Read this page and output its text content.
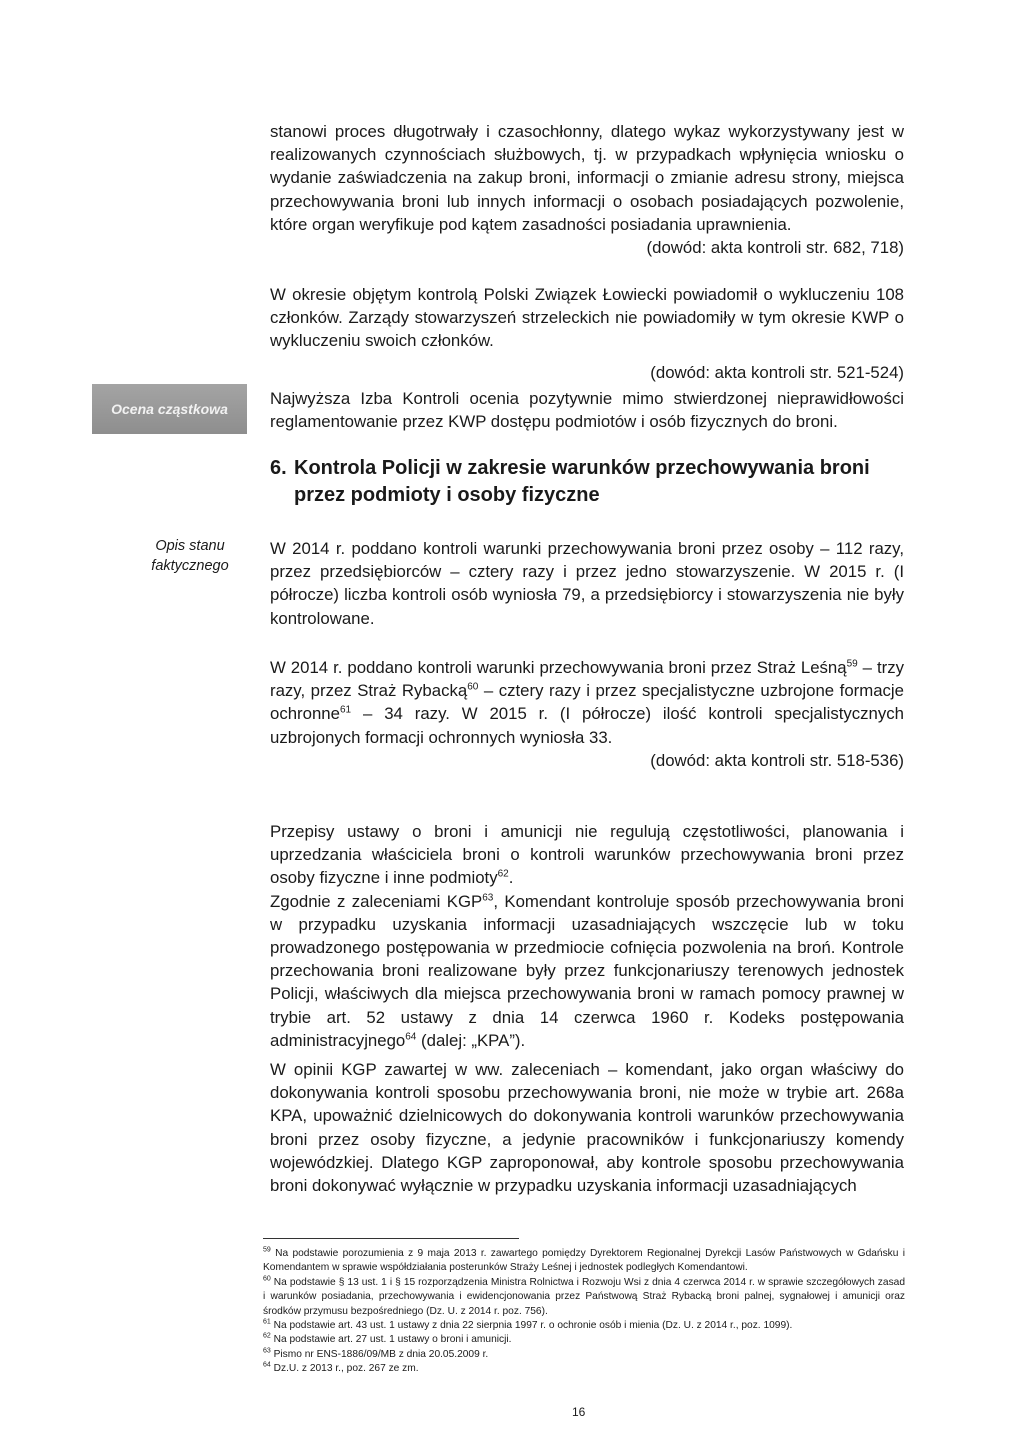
stanowi proces długotrwały i czasochłonny, dlatego wykaz wykorzystywany jest w realizowanych czynnościach służbowych, tj. w przypadkach wpłynięcia wniosku o wydanie zaświadczenia na zakup broni, informacji o zmianie adresu strony, miejsca przechowywania broni lub innych informacji o osobach posiadających pozwolenie, które organ weryfikuje pod kątem zasadności posiadania uprawnienia.

(dowód: akta kontroli str. 682, 718)

W okresie objętym kontrolą Polski Związek Łowiecki powiadomił o wykluczeniu 108 członków. Zarządy stowarzyszeń strzeleckich nie powiadomiły w tym okresie KWP o wykluczeniu swoich członków.

(dowód: akta kontroli str. 521-524)

Ocena cząstkowa

Najwyższa Izba Kontroli ocenia pozytywnie mimo stwierdzonej nieprawidłowości reglamentowanie przez KWP dostępu podmiotów i osób fizycznych do broni.

6. Kontrola Policji w zakresie warunków przechowywania broni
przez podmioty i osoby fizyczne
Opis stanu
faktycznego

W 2014 r. poddano kontroli warunki przechowywania broni przez osoby – 112 razy, przez przedsiębiorców – cztery razy i przez jedno stowarzyszenie. W 2015 r. (I półrocze) liczba kontroli osób wyniosła 79, a przedsiębiorcy i stowarzyszenia nie były kontrolowane.

W 2014 r. poddano kontroli warunki przechowywania broni przez Straż Leśną$^{59}$ – trzy razy, przez Straż Rybacką$^{60}$ – cztery razy i przez specjalistyczne uzbrojone formacje ochronne$^{61}$ – 34 razy. W 2015 r. (I półrocze) ilość kontroli specjalistycznych uzbrojonych formacji ochronnych wyniosła 33.

(dowód: akta kontroli str. 518-536)

Przepisy ustawy o broni i amunicji nie regulują częstotliwości, planowania i uprzedzania właściciela broni o kontroli warunków przechowywania broni przez osoby fizyczne i inne podmioty$^{62}$.

Zgodnie z zaleceniami KGP$^{63}$, Komendant kontroluje sposób przechowywania broni w przypadku uzyskania informacji uzasadniających wszczęcie lub w toku prowadzonego postępowania w przedmiocie cofnięcia pozwolenia na broń. Kontrole przechowania broni realizowane były przez funkcjonariuszy terenowych jednostek Policji, właściwych dla miejsca przechowywania broni w ramach pomocy prawnej w trybie art. 52 ustawy z dnia 14 czerwca 1960 r. Kodeks postępowania administracyjnego$^{64}$ (dalej: „KPA”).

W opinii KGP zawartej w ww. zaleceniach – komendant, jako organ właściwy do dokonywania kontroli sposobu przechowywania broni, nie może w trybie art. 268a KPA, upoważnić dzielnicowych do dokonywania kontroli warunków przechowywania broni przez osoby fizyczne, a jedynie pracowników i funkcjonariuszy komendy wojewódzkiej. Dlatego KGP zaproponował, aby kontrole sposobu przechowywania broni dokonywać wyłącznie w przypadku uzyskania informacji uzasadniających

$^{59}$ Na podstawie porozumienia z 9 maja 2013 r. zawartego pomiędzy Dyrektorem Regionalnej Dyrekcji Lasów Państwowych w Gdańsku i Komendantem w sprawie współdziałania posterunków Straży Leśnej i jednostek podległych Komendantowi.

$^{60}$ Na podstawie § 13 ust. 1 i § 15 rozporządzenia Ministra Rolnictwa i Rozwoju Wsi z dnia 4 czerwca 2014 r. w sprawie szczegółowych zasad i warunków posiadania, przechowywania i ewidencjonowania przez Państwową Straż Rybacką broni palnej, sygnałowej i amunicji oraz środków przymusu bezpośredniego (Dz. U. z 2014 r. poz. 756).

$^{61}$ Na podstawie art. 43 ust. 1 ustawy z dnia 22 sierpnia 1997 r. o ochronie osób i mienia (Dz. U. z 2014 r., poz. 1099).

$^{62}$ Na podstawie art. 27 ust. 1 ustawy o broni i amunicji.

$^{63}$ Pismo nr ENS-1886/09/MB z dnia 20.05.2009 r.

$^{64}$ Dz.U. z 2013 r., poz. 267 ze zm.

16
